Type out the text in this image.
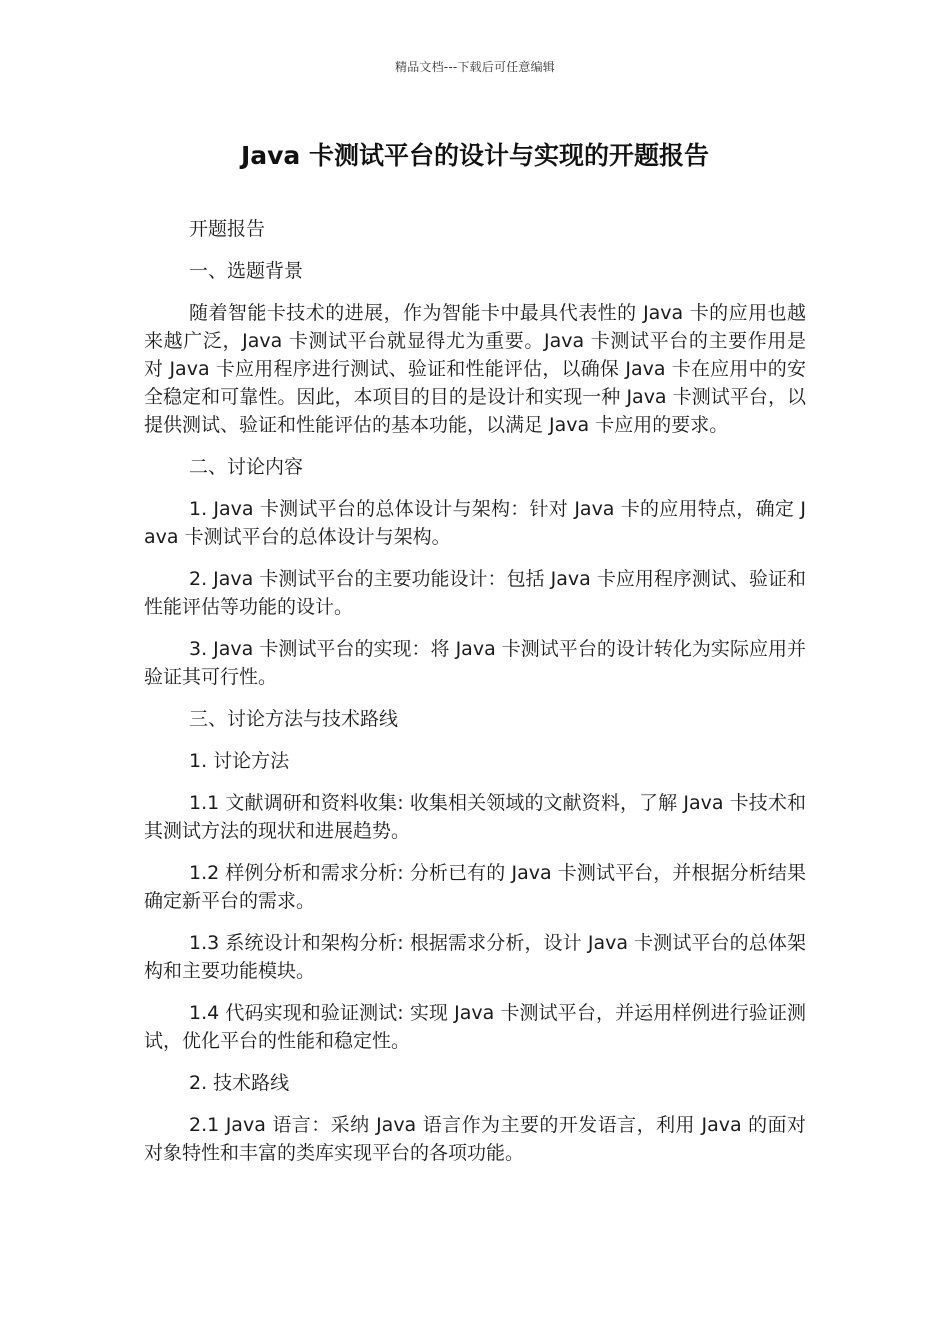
精品文档---下载后可任意编辑
Java 卡测试平台的设计与实现的开题报告

开题报告

一、选题背景

随着智能卡技术的进展，作为智能卡中最具代表性的 Java 卡的应用也越来越广泛，Java 卡测试平台就显得尤为重要。Java 卡测试平台的主要作用是对 Java 卡应用程序进行测试、验证和性能评估，以确保 Java 卡在应用中的安全稳定和可靠性。因此，本项目的目的是设计和实现一种 Java 卡测试平台，以提供测试、验证和性能评估的基本功能，以满足 Java 卡应用的要求。

二、讨论内容

1. Java 卡测试平台的总体设计与架构：针对 Java 卡的应用特点，确定 Java 卡测试平台的总体设计与架构。

2. Java 卡测试平台的主要功能设计：包括 Java 卡应用程序测试、验证和性能评估等功能的设计。

3. Java 卡测试平台的实现：将 Java 卡测试平台的设计转化为实际应用并验证其可行性。

三、讨论方法与技术路线

1. 讨论方法

1.1 文献调研和资料收集: 收集相关领域的文献资料，了解 Java 卡技术和其测试方法的现状和进展趋势。

1.2 样例分析和需求分析: 分析已有的 Java 卡测试平台，并根据分析结果确定新平台的需求。

1.3 系统设计和架构分析: 根据需求分析，设计 Java 卡测试平台的总体架构和主要功能模块。

1.4 代码实现和验证测试: 实现 Java 卡测试平台，并运用样例进行验证测试，优化平台的性能和稳定性。

2. 技术路线

2.1 Java 语言：采纳 Java 语言作为主要的开发语言，利用 Java 的面对对象特性和丰富的类库实现平台的各项功能。
